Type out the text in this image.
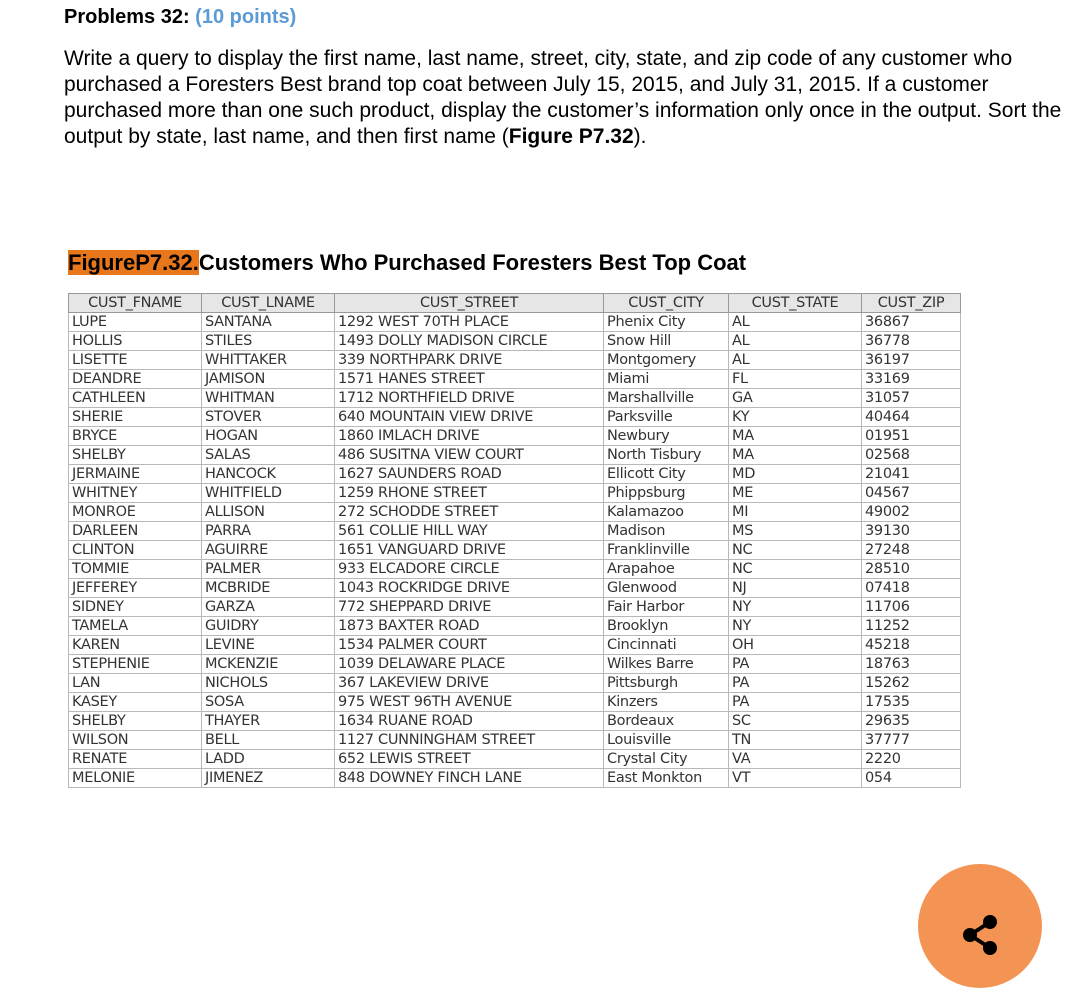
Problems 32: (10 points)

Write a query to display the first name, last name, street, city, state, and zip code of any customer who purchased a Foresters Best brand top coat between July 15, 2015, and July 31, 2015. If a customer purchased more than one such product, display the customer’s information only once in the output. Sort the output by state, last name, and then first name (Figure P7.32).

FigureP7.32.Customers Who Purchased Foresters Best Top Coat
CUST_FNAME	CUST_LNAME	CUST_STREET	CUST_CITY	CUST_STATE	CUST_ZIP
LUPE	SANTANA	1292 WEST 70TH PLACE	Phenix City	AL	36867
HOLLIS	STILES	1493 DOLLY MADISON CIRCLE	Snow Hill	AL	36778
LISETTE	WHITTAKER	339 NORTHPARK DRIVE	Montgomery	AL	36197
DEANDRE	JAMISON	1571 HANES STREET	Miami	FL	33169
CATHLEEN	WHITMAN	1712 NORTHFIELD DRIVE	Marshallville	GA	31057
SHERIE	STOVER	640 MOUNTAIN VIEW DRIVE	Parksville	KY	40464
BRYCE	HOGAN	1860 IMLACH DRIVE	Newbury	MA	01951
SHELBY	SALAS	486 SUSITNA VIEW COURT	North Tisbury	MA	02568
JERMAINE	HANCOCK	1627 SAUNDERS ROAD	Ellicott City	MD	21041
WHITNEY	WHITFIELD	1259 RHONE STREET	Phippsburg	ME	04567
MONROE	ALLISON	272 SCHODDE STREET	Kalamazoo	MI	49002
DARLEEN	PARRA	561 COLLIE HILL WAY	Madison	MS	39130
CLINTON	AGUIRRE	1651 VANGUARD DRIVE	Franklinville	NC	27248
TOMMIE	PALMER	933 ELCADORE CIRCLE	Arapahoe	NC	28510
JEFFEREY	MCBRIDE	1043 ROCKRIDGE DRIVE	Glenwood	NJ	07418
SIDNEY	GARZA	772 SHEPPARD DRIVE	Fair Harbor	NY	11706
TAMELA	GUIDRY	1873 BAXTER ROAD	Brooklyn	NY	11252
KAREN	LEVINE	1534 PALMER COURT	Cincinnati	OH	45218
STEPHENIE	MCKENZIE	1039 DELAWARE PLACE	Wilkes Barre	PA	18763
LAN	NICHOLS	367 LAKEVIEW DRIVE	Pittsburgh	PA	15262
KASEY	SOSA	975 WEST 96TH AVENUE	Kinzers	PA	17535
SHELBY	THAYER	1634 RUANE ROAD	Bordeaux	SC	29635
WILSON	BELL	1127 CUNNINGHAM STREET	Louisville	TN	37777
RENATE	LADD	652 LEWIS STREET	Crystal City	VA	2220
MELONIE	JIMENEZ	848 DOWNEY FINCH LANE	East Monkton	VT	054
